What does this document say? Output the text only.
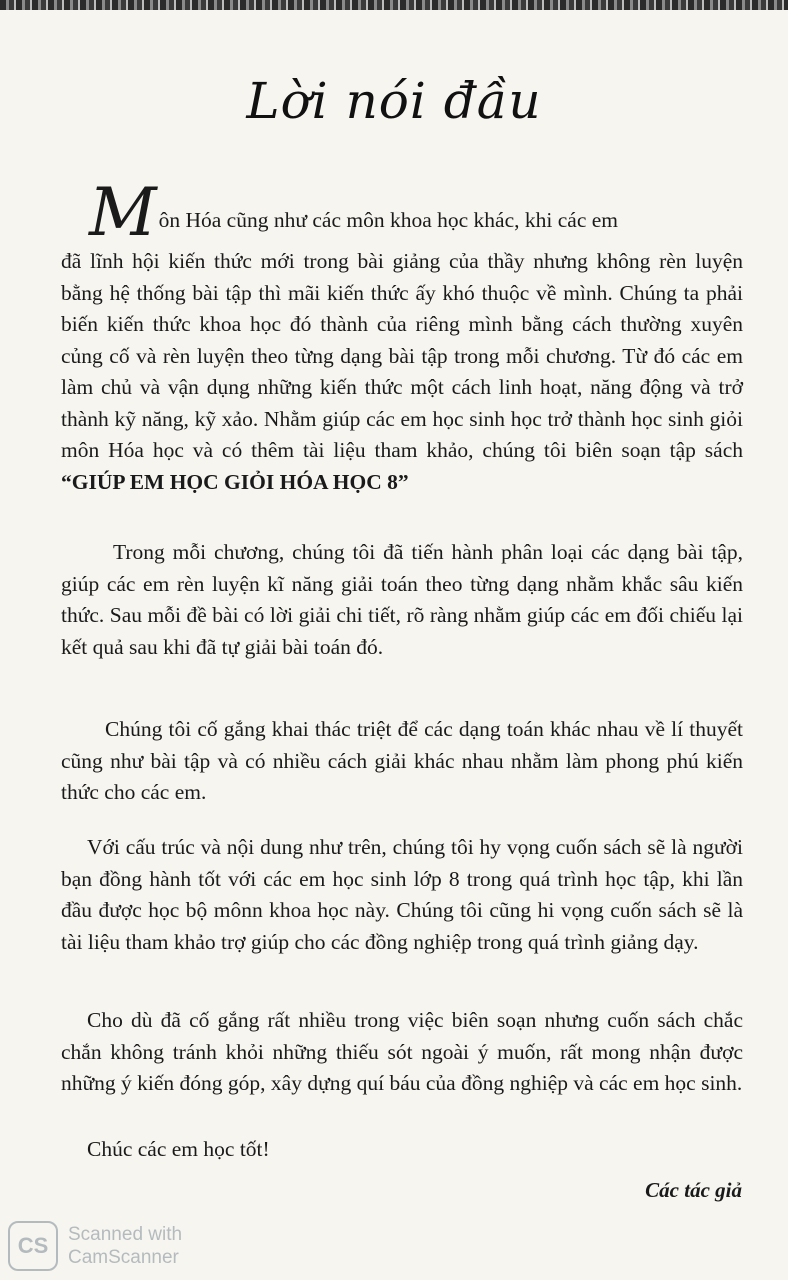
Lời nói đầu

Môn Hóa cũng như các môn khoa học khác, khi các em
đã lĩnh hội kiến thức mới trong bài giảng của thầy nhưng không rèn luyện bằng hệ thống bài tập thì mãi kiến thức ấy khó thuộc về mình. Chúng ta phải biến kiến thức khoa học đó thành của riêng mình bằng cách thường xuyên củng cố và rèn luyện theo từng dạng bài tập trong mỗi chương. Từ đó các em làm chủ và vận dụng những kiến thức một cách linh hoạt, năng động và trở thành kỹ năng, kỹ xảo. Nhằm giúp các em học sinh học trở thành học sinh giỏi môn Hóa học và có thêm tài liệu tham khảo, chúng tôi biên soạn tập sách “GIÚP EM HỌC GIỎI HÓA HỌC 8”

Trong mỗi chương, chúng tôi đã tiến hành phân loại các dạng bài tập, giúp các em rèn luyện kĩ năng giải toán theo từng dạng nhằm khắc sâu kiến thức. Sau mỗi đề bài có lời giải chi tiết, rõ ràng nhằm giúp các em đối chiếu lại kết quả sau khi đã tự giải bài toán đó.

Chúng tôi cố gắng khai thác triệt để các dạng toán khác nhau về lí thuyết cũng như bài tập và có nhiều cách giải khác nhau nhằm làm phong phú kiến thức cho các em.

Với cấu trúc và nội dung như trên, chúng tôi hy vọng cuốn sách sẽ là người bạn đồng hành tốt với các em học sinh lớp 8 trong quá trình học tập, khi lần đầu được học bộ mônn khoa học này. Chúng tôi cũng hi vọng cuốn sách sẽ là tài liệu tham khảo trợ giúp cho các đồng nghiệp trong quá trình giảng dạy.

Cho dù đã cố gắng rất nhiều trong việc biên soạn nhưng cuốn sách chắc chắn không tránh khỏi những thiếu sót ngoài ý muốn, rất mong nhận được những ý kiến đóng góp, xây dựng quí báu của đồng nghiệp và các em học sinh.

Chúc các em học tốt!

Các tác giả
CS	Scanned with
CamScanner
